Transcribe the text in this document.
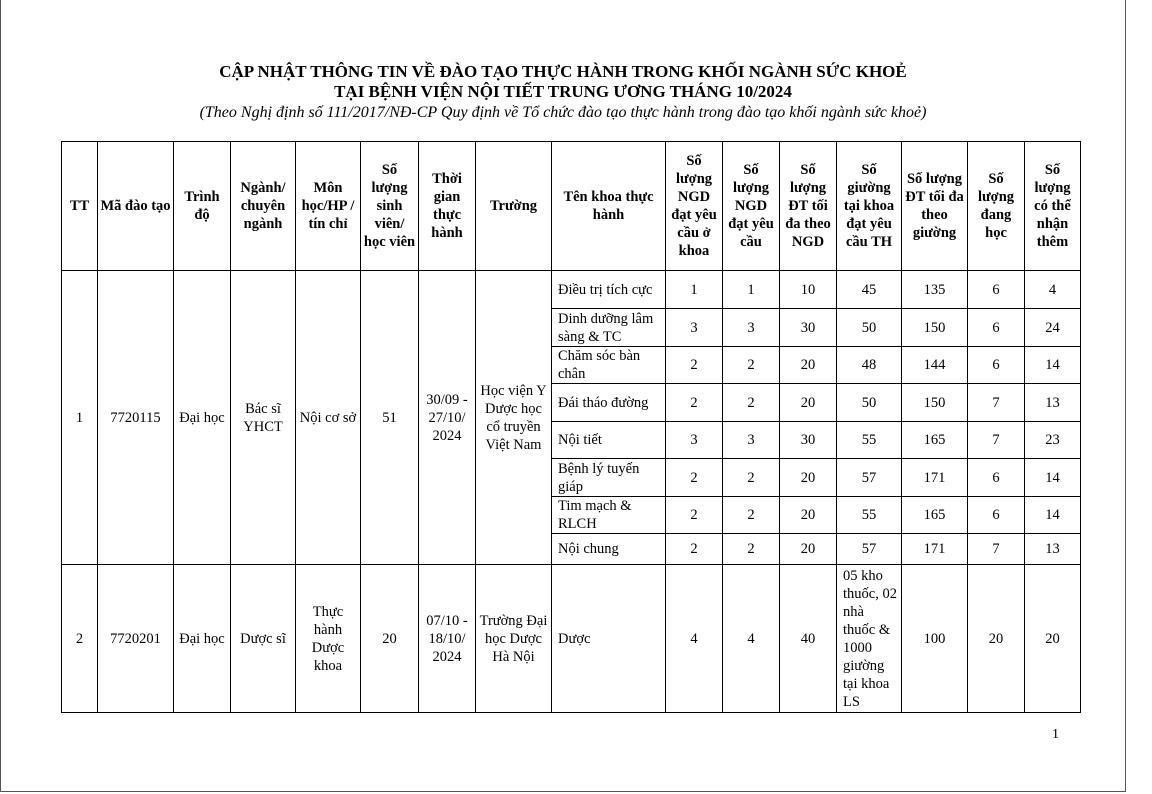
CẬP NHẬT THÔNG TIN VỀ ĐÀO TẠO THỰC HÀNH TRONG KHỐI NGÀNH SỨC KHOẺ
TẠI BỆNH VIỆN NỘI TIẾT TRUNG ƯƠNG THÁNG 10/2024
(Theo Nghị định số 111/2017/NĐ-CP Quy định về Tổ chức đào tạo thực hành trong đào tạo khối ngành sức khoẻ)
TT	Mã đào tạo	Trình độ	Ngành/ chuyên ngành	Môn học/HP / tín chỉ	Số lượng sinh viên/ học viên	Thời gian thực hành	Trường	Tên khoa thực hành	Số lượng NGD đạt yêu cầu ở khoa	Số lượng NGD đạt yêu cầu	Số lượng ĐT tối đa theo NGD	Số giường tại khoa đạt yêu cầu TH	Số lượng ĐT tối đa theo giường	Số lượng đang học	Số lượng có thể nhận thêm
1	7720115	Đại học	Bác sĩ YHCT	Nội cơ sở	51	30/09 - 27/10/ 2024	Học viện Y Dược học cổ truyền Việt Nam	Điều trị tích cực	1	1	10	45	135	6	4
								Dinh dưỡng lâm sàng & TC	3	3	30	50	150	6	24
								Chăm sóc bàn chân	2	2	20	48	144	6	14
								Đái tháo đường	2	2	20	50	150	7	13
								Nội tiết	3	3	30	55	165	7	23
								Bệnh lý tuyến giáp	2	2	20	57	171	6	14
								Tim mạch & RLCH	2	2	20	55	165	6	14
								Nội chung	2	2	20	57	171	7	13
2	7720201	Đại học	Dược sĩ	Thực hành Dược khoa	20	07/10 - 18/10/ 2024	Trường Đại học Dược Hà Nội	Dược	4	4	40	05 kho thuốc, 02 nhà thuốc & 1000 giường tại khoa LS	100	20	20
1
